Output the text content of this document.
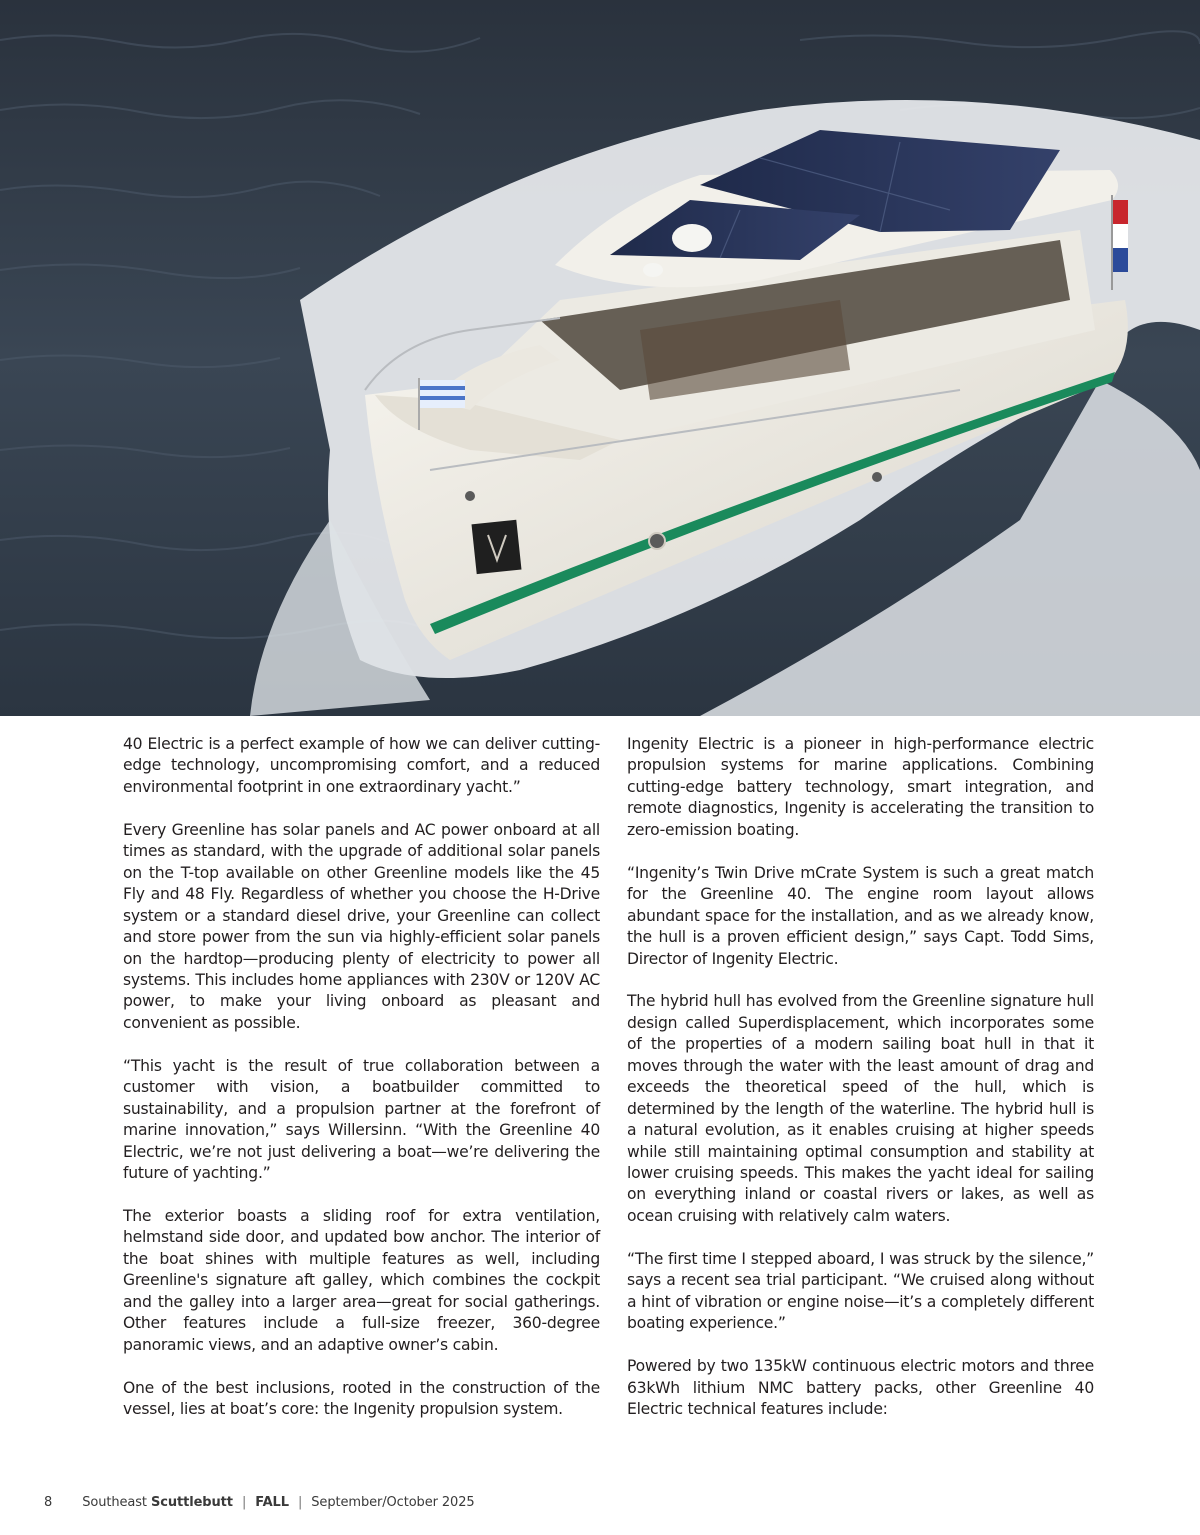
40 Electric is a perfect example of how we can deliver cutting-edge technology, uncompromising comfort, and a reduced environmental footprint in one extraordinary yacht.”

Every Greenline has solar panels and AC power onboard at all times as standard, with the upgrade of additional solar panels on the T-top available on other Greenline models like the 45 Fly and 48 Fly. Regardless of whether you choose the H-Drive system or a standard diesel drive, your Greenline can collect and store power from the sun via highly-efficient solar panels on the hardtop—producing plenty of electricity to power all systems. This includes home appliances with 230V or 120V AC power, to make your living onboard as pleasant and convenient as possible.

“This yacht is the result of true collaboration between a customer with vision, a boatbuilder committed to sustainability, and a propulsion partner at the forefront of marine innovation,” says Willersinn. “With the Greenline 40 Electric, we’re not just delivering a boat—we’re delivering the future of yachting.”

The exterior boasts a sliding roof for extra ventilation, helmstand side door, and updated bow anchor. The interior of the boat shines with multiple features as well, including Greenline's signature aft galley, which combines the cockpit and the galley into a larger area—great for social gatherings. Other features include a full-size freezer, 360-degree panoramic views, and an adaptive owner’s cabin.

One of the best inclusions, rooted in the construction of the vessel, lies at boat’s core: the Ingenity propulsion system.

Ingenity Electric is a pioneer in high-performance electric propulsion systems for marine applications. Combining cutting-edge battery technology, smart integration, and remote diagnostics, Ingenity is accelerating the transition to zero-emission boating.

“Ingenity’s Twin Drive mCrate System is such a great match for the Greenline 40. The engine room layout allows abundant space for the installation, and as we already know, the hull is a proven efficient design,” says Capt. Todd Sims, Director of Ingenity Electric.

The hybrid hull has evolved from the Greenline signature hull design called Superdisplacement, which incorporates some of the properties of a modern sailing boat hull in that it moves through the water with the least amount of drag and exceeds the theoretical speed of the hull, which is determined by the length of the waterline. The hybrid hull is a natural evolution, as it enables cruising at higher speeds while still maintaining optimal consumption and stability at lower cruising speeds. This makes the yacht ideal for sailing on everything inland or coastal rivers or lakes, as well as ocean cruising with relatively calm waters.

“The first time I stepped aboard, I was struck by the silence,” says a recent sea trial participant. “We cruised along without a hint of vibration or engine noise—it’s a completely different boating experience.”

Powered by two 135kW continuous electric motors and three 63kWh lithium NMC battery packs, other Greenline 40 Electric technical features include:

8 Southeast Scuttlebutt | FALL | September/October 2025
